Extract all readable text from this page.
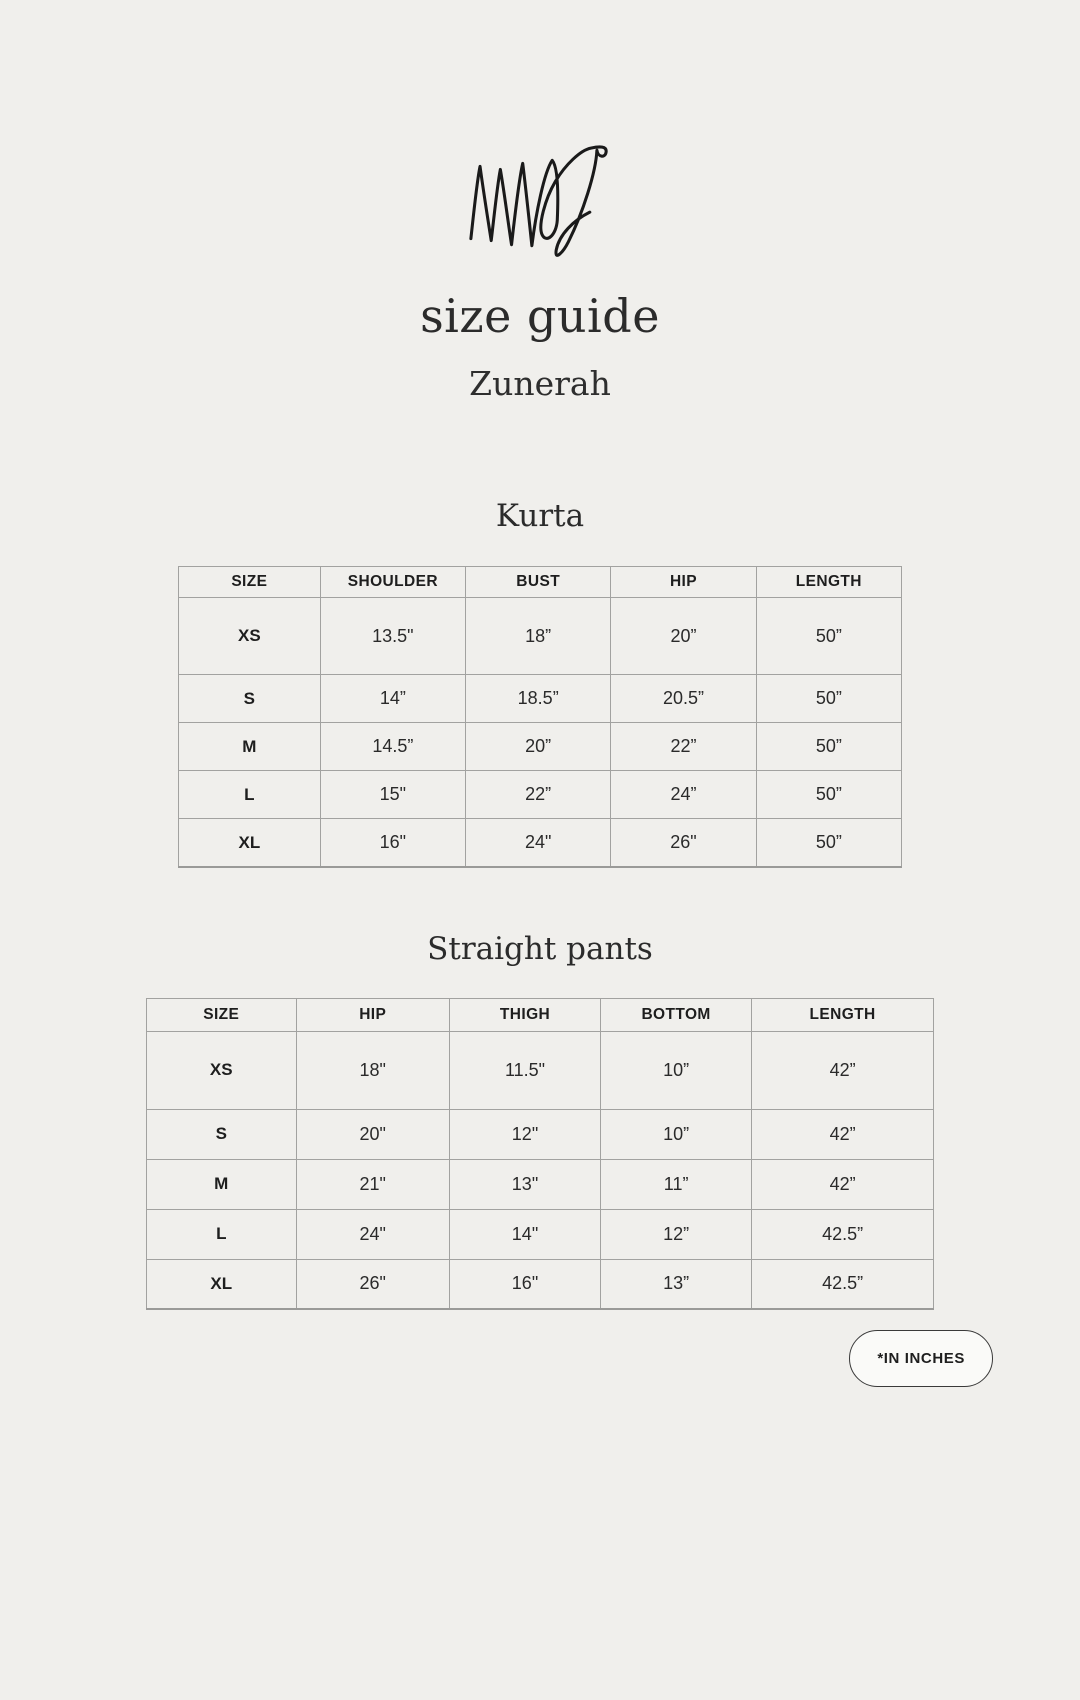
size guide
Zunerah
Kurta
SIZE	SHOULDER	BUST	HIP	LENGTH
XS	13.5"	18”	20”	50”
S	14”	18.5”	20.5”	50”
M	14.5”	20”	22”	50”
L	15"	22”	24”	50”
XL	16"	24"	26"	50”
Straight pants
SIZE	HIP	THIGH	BOTTOM	LENGTH
XS	18"	11.5"	10”	42”
S	20"	12"	10”	42”
M	21"	13"	11”	42”
L	24"	14"	12”	42.5”
XL	26"	16"	13”	42.5”
*IN INCHES
